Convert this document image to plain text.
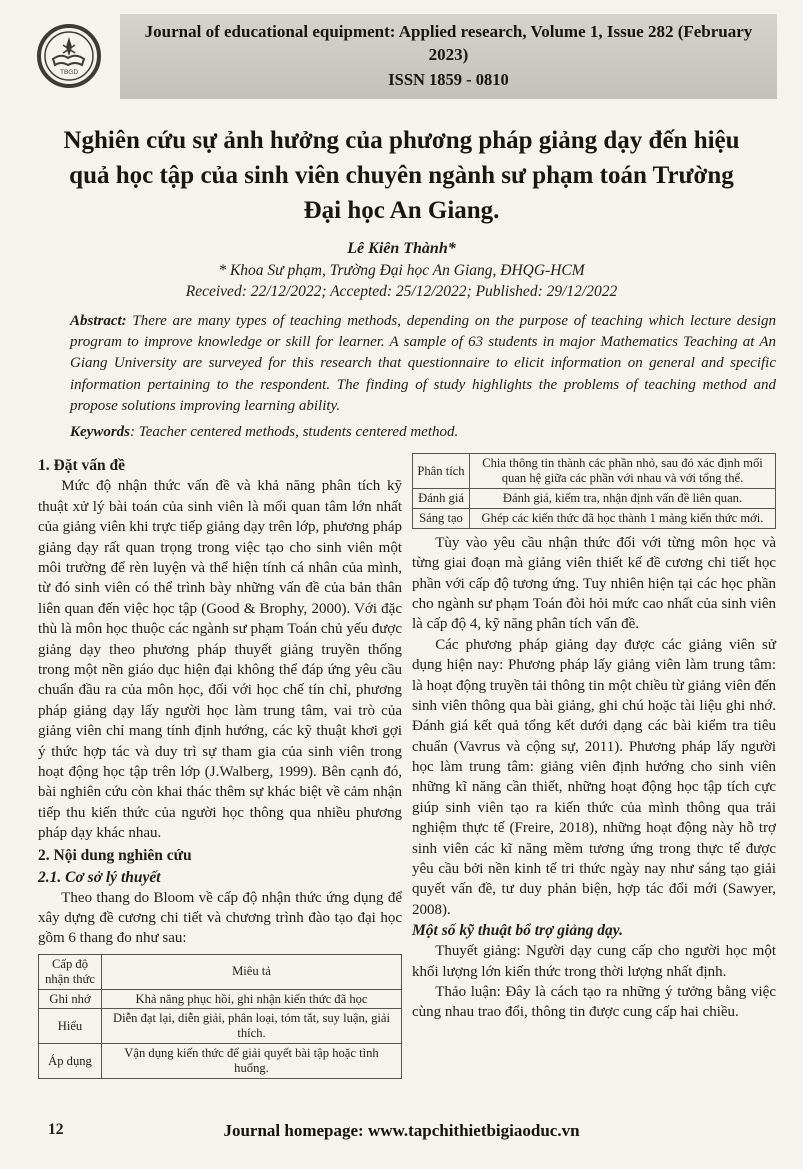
TBGD
Journal of educational equipment: Applied research, Volume 1, Issue 282 (February 2023)
ISSN 1859 - 0810
Nghiên cứu sự ảnh hưởng của phương pháp giảng dạy đến hiệu quả học tập của sinh viên chuyên ngành sư phạm toán Trường Đại học An Giang.
Lê Kiên Thành*
* Khoa Sư phạm, Trường Đại học An Giang, ĐHQG-HCM
Received: 22/12/2022; Accepted: 25/12/2022; Published: 29/12/2022
Abstract: There are many types of teaching methods, depending on the purpose of teaching which lecture design program to improve knowledge or skill for learner. A sample of 63 students in major Mathematics Teaching at An Giang University are surveyed for this research that questionnaire to elicit information on general and specific information pertaining to the respondent. The finding of study highlights the problems of teaching method and propose solutions improving learning ability.
Keywords: Teacher centered methods, students centered method.
1. Đặt vấn đề

Mức độ nhận thức vấn đề và khả năng phân tích kỹ thuật xử lý bài toán của sinh viên là mối quan tâm lớn nhất của giảng viên khi trực tiếp giảng dạy trên lớp, phương pháp giảng dạy rất quan trọng trong việc tạo cho sinh viên một môi trường để rèn luyện và thể hiện tính cá nhân của mình, từ đó sinh viên có thể trình bày những vấn đề của bản thân liên quan đến việc học tập (Good & Brophy, 2000). Với đặc thù là môn học thuộc các ngành sư phạm Toán chủ yếu được giảng dạy theo phương pháp thuyết giảng truyền thống trong một nền giáo dục hiện đại không thể đáp ứng yêu cầu chuẩn đầu ra của môn học, đối với học chế tín chỉ, phương pháp giảng dạy lấy người học làm trung tâm, vai trò của giảng viên chỉ mang tính định hướng, các kỹ thuật khơi gợi ý thức hợp tác và duy trì sự tham gia của sinh viên trong hoạt động học tập trên lớp (J.Walberg, 1999). Bên cạnh đó, bài nghiên cứu còn khai thác thêm sự khác biệt về cảm nhận tiếp thu kiến thức của người học thông qua nhiều phương pháp dạy khác nhau.

2. Nội dung nghiên cứu
2.1. Cơ sở lý thuyết

Theo thang do Bloom về cấp độ nhận thức ứng dụng để xây dựng đề cương chi tiết và chương trình đào tạo đại học gồm 6 thang đo như sau:

Cấp độ nhận thức	Miêu tả
Ghi nhớ	Khả năng phục hồi, ghi nhận kiến thức đã học
Hiểu	Diễn đạt lại, diễn giải, phân loại, tóm tắt, suy luận, giải thích.
Áp dụng	Vận dụng kiến thức để giải quyết bài tập hoặc tình huống.
Phân tích	Chia thông tin thành các phần nhỏ, sau đó xác định mối quan hệ giữa các phần với nhau và với tổng thể.
Đánh giá	Đánh giá, kiểm tra, nhận định vấn đề liên quan.
Sáng tạo	Ghép các kiến thức đã học thành 1 mảng kiến thức mới.

Tùy vào yêu cầu nhận thức đối với từng môn học và từng giai đoạn mà giảng viên thiết kế đề cương chi tiết học phần với cấp độ tương ứng. Tuy nhiên hiện tại các học phần cho ngành sư phạm Toán đòi hỏi mức cao nhất của sinh viên là cấp độ 4, kỹ năng phân tích vấn đề.

Các phương pháp giảng dạy được các giảng viên sử dụng hiện nay: Phương pháp lấy giảng viên làm trung tâm: là hoạt động truyền tải thông tin một chiều từ giảng viên đến sinh viên thông qua bài giảng, ghi chú hoặc tài liệu ghi nhớ. Đánh giá kết quả tổng kết dưới dạng các bài kiểm tra tiêu chuẩn (Vavrus và cộng sự, 2011). Phương pháp lấy người học làm trung tâm: giảng viên định hướng cho sinh viên những kĩ năng cần thiết, những hoạt động học tập tích cực giúp sinh viên tạo ra kiến thức của mình thông qua trải nghiệm thực tế (Freire, 2018), những hoạt động này hỗ trợ sinh viên các kĩ năng mềm tương ứng trong thực tế được yêu cầu bởi nền kinh tế tri thức ngày nay như sáng tạo giải quyết vấn đề, tư duy phản biện, hợp tác đổi mới (Sawyer, 2008).

Một số kỹ thuật bổ trợ giảng dạy.

Thuyết giảng: Người dạy cung cấp cho người học một khối lượng lớn kiến thức trong thời lượng nhất định.

Thảo luận: Đây là cách tạo ra những ý tưởng bằng việc cùng nhau trao đổi, thông tin được cung cấp hai chiều.

12	Journal homepage: www.tapchithietbigiaoduc.vn
